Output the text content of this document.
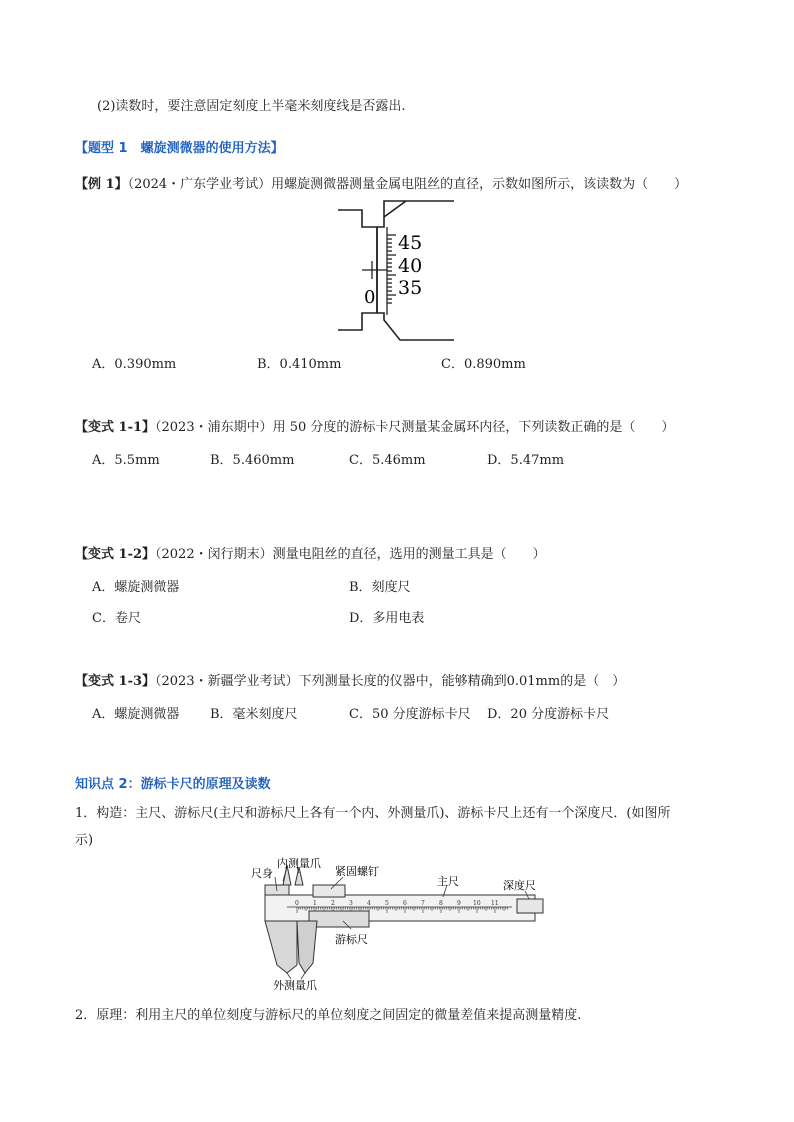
(2)读数时，要注意固定刻度上半毫米刻度线是否露出.
【题型 1　螺旋测微器的使用方法】
【例 1】（2024・广东学业考试）用螺旋测微器测量金属电阻丝的直径，示数如图所示，该读数为（　　）
45
40
35
0
A．0.390mm	B．0.410mm	C．0.890mm
【变式 1-1】（2023・浦东期中）用 50 分度的游标卡尺测量某金属环内径，下列读数正确的是（　　）
A．5.5mm	B．5.460mm	C．5.46mm	D．5.47mm
【变式 1-2】（2022・闵行期末）测量电阻丝的直径，选用的测量工具是（　　）
A．螺旋测微器	B．刻度尺
C．卷尺	D．多用电表
【变式 1-3】（2023・新疆学业考试）下列测量长度的仪器中，能够精确到0.01mm的是（　）
A．螺旋测微器 B．毫米刻度尺	C．50 分度游标卡尺 D．20 分度游标卡尺
知识点 2：游标卡尺的原理及读数
1．构造：主尺、游标尺(主尺和游标尺上各有一个内、外测量爪)、游标卡尺上还有一个深度尺．(如图所
示)
0 1 2 3 4 5 6 7 8 9 10 11
内测量爪
尺身	紧固螺钉
主尺	深度尺
游标尺
外测量爪
2．原理：利用主尺的单位刻度与游标尺的单位刻度之间固定的微量差值来提高测量精度.
